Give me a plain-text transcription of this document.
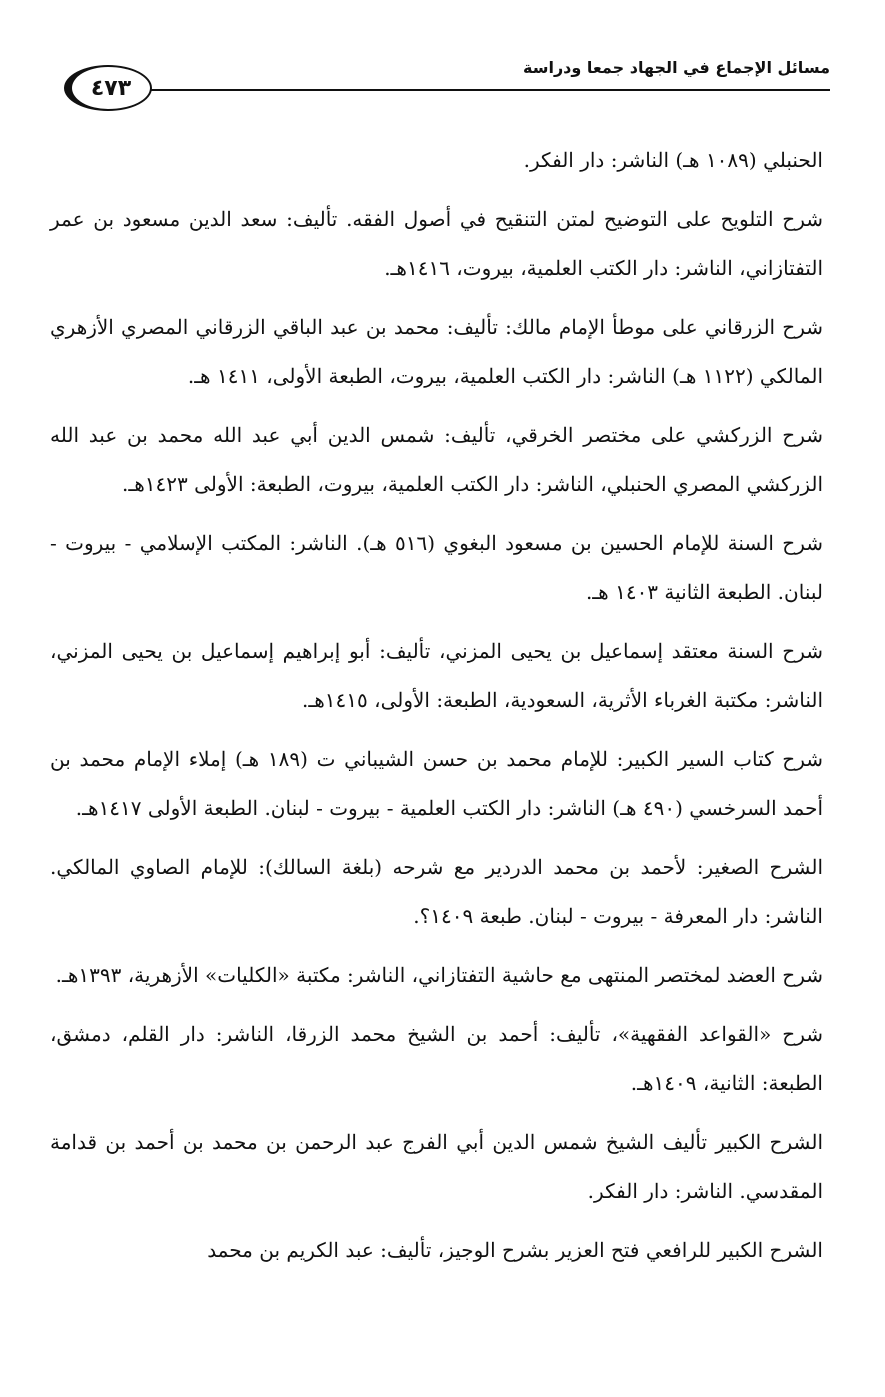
مسائل الإجماع في الجهاد جمعا ودراسة
٤٧٣

الحنبلي (١٠٨٩ هـ) الناشر: دار الفكر.

شرح التلويح على التوضيح لمتن التنقيح في أصول الفقه. تأليف: سعد الدين مسعود بن عمر التفتازاني، الناشر: دار الكتب العلمية، بيروت، ١٤١٦هـ.

شرح الزرقاني على موطأ الإمام مالك: تأليف: محمد بن عبد الباقي الزرقاني المصري الأزهري المالكي (١١٢٢ هـ) الناشر: دار الكتب العلمية، بيروت، الطبعة الأولى، ١٤١١ هـ.

شرح الزركشي على مختصر الخرقي، تأليف: شمس الدين أبي عبد الله محمد بن عبد الله الزركشي المصري الحنبلي، الناشر: دار الكتب العلمية، بيروت، الطبعة: الأولى ١٤٢٣هـ.

شرح السنة للإمام الحسين بن مسعود البغوي (٥١٦ هـ). الناشر: المكتب الإسلامي - بيروت - لبنان. الطبعة الثانية ١٤٠٣ هـ.

شرح السنة معتقد إسماعيل بن يحيى المزني، تأليف: أبو إبراهيم إسماعيل بن يحيى المزني، الناشر: مكتبة الغرباء الأثرية، السعودية، الطبعة: الأولى، ١٤١٥هـ.

شرح كتاب السير الكبير: للإمام محمد بن حسن الشيباني ت (١٨٩ هـ) إملاء الإمام محمد بن أحمد السرخسي (٤٩٠ هـ) الناشر: دار الكتب العلمية - بيروت - لبنان. الطبعة الأولى ١٤١٧هـ.

الشرح الصغير: لأحمد بن محمد الدردير مع شرحه (بلغة السالك): للإمام الصاوي المالكي. الناشر: دار المعرفة - بيروت - لبنان. طبعة ١٤٠٩؟.

شرح العضد لمختصر المنتهى مع حاشية التفتازاني، الناشر: مكتبة «الكليات» الأزهرية، ١٣٩٣هـ.

شرح «القواعد الفقهية»، تأليف: أحمد بن الشيخ محمد الزرقا، الناشر: دار القلم، دمشق، الطبعة: الثانية، ١٤٠٩هـ.

الشرح الكبير تأليف الشيخ شمس الدين أبي الفرج عبد الرحمن بن محمد بن أحمد بن قدامة المقدسي. الناشر: دار الفكر.

الشرح الكبير للرافعي فتح العزير بشرح الوجيز، تأليف: عبد الكريم بن محمد
